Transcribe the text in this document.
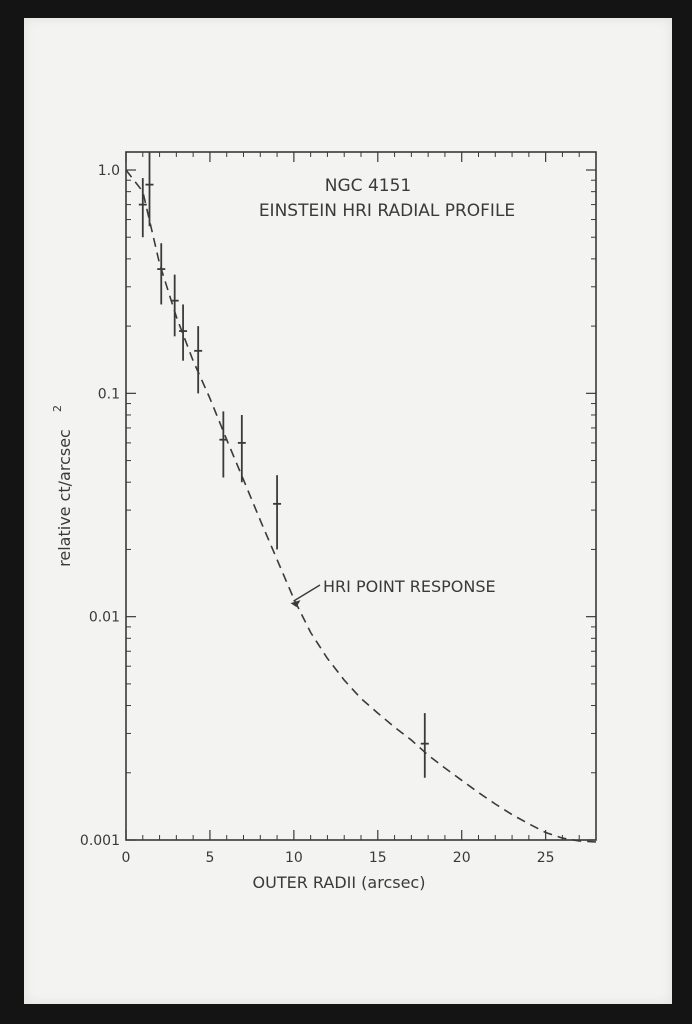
0	5	10	15	20	25
1.0
0.1
0.01
0.001
NGC 4151
EINSTEIN HRI RADIAL PROFILE
OUTER RADII (arcsec)
relative ct/arcsec
2
HRI POINT RESPONSE
